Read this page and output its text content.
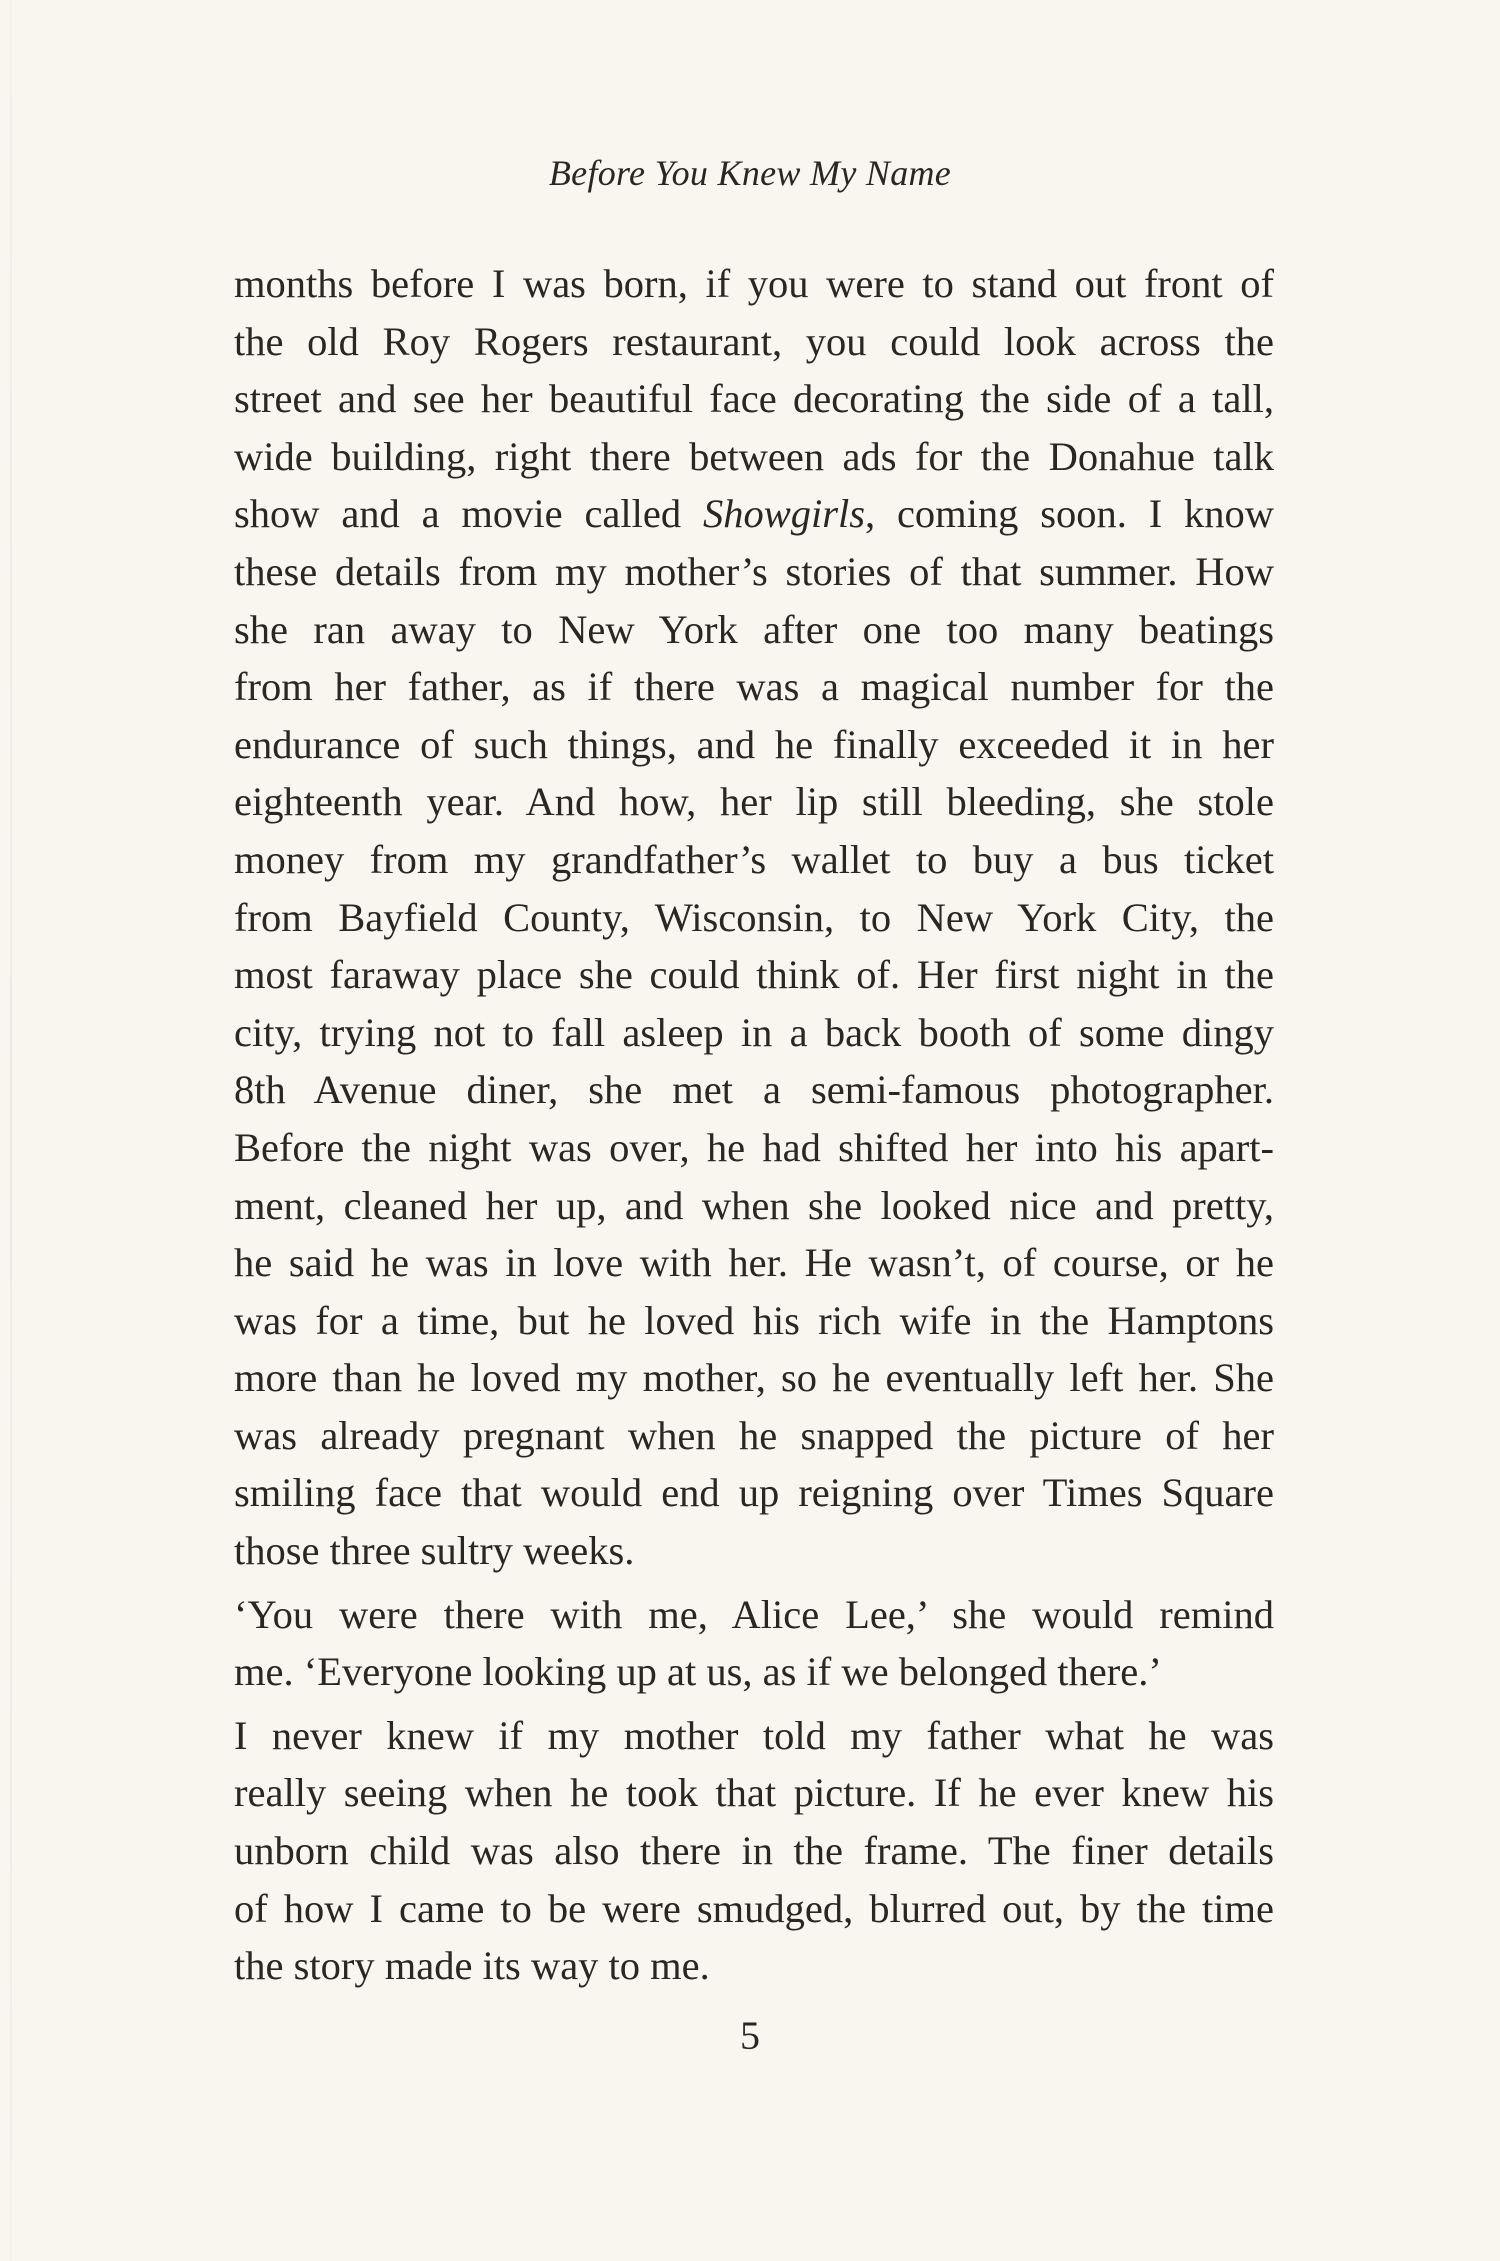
Before You Knew My Name
months before I was born, if you were to stand out front of
the old Roy Rogers restaurant, you could look across the
street and see her beautiful face decorating the side of a tall,
wide building, right there between ads for the Donahue talk
show and a movie called Showgirls, coming soon. I know
these details from my mother’s stories of that summer. How
she ran away to New York after one too many beatings
from her father, as if there was a magical number for the
endurance of such things, and he finally exceeded it in her
eighteenth year. And how, her lip still bleeding, she stole
money from my grandfather’s wallet to buy a bus ticket
from Bayfield County, Wisconsin, to New York City, the
most faraway place she could think of. Her first night in the
city, trying not to fall asleep in a back booth of some dingy
8th Avenue diner, she met a semi-famous photographer.
Before the night was over, he had shifted her into his apart-
ment, cleaned her up, and when she looked nice and pretty,
he said he was in love with her. He wasn’t, of course, or he
was for a time, but he loved his rich wife in the Hamptons
more than he loved my mother, so he eventually left her. She
was already pregnant when he snapped the picture of her
smiling face that would end up reigning over Times Square
those three sultry weeks.
‘You were there with me, Alice Lee,’ she would remind
me. ‘Everyone looking up at us, as if we belonged there.’
I never knew if my mother told my father what he was
really seeing when he took that picture. If he ever knew his
unborn child was also there in the frame. The finer details
of how I came to be were smudged, blurred out, by the time
the story made its way to me.
5
